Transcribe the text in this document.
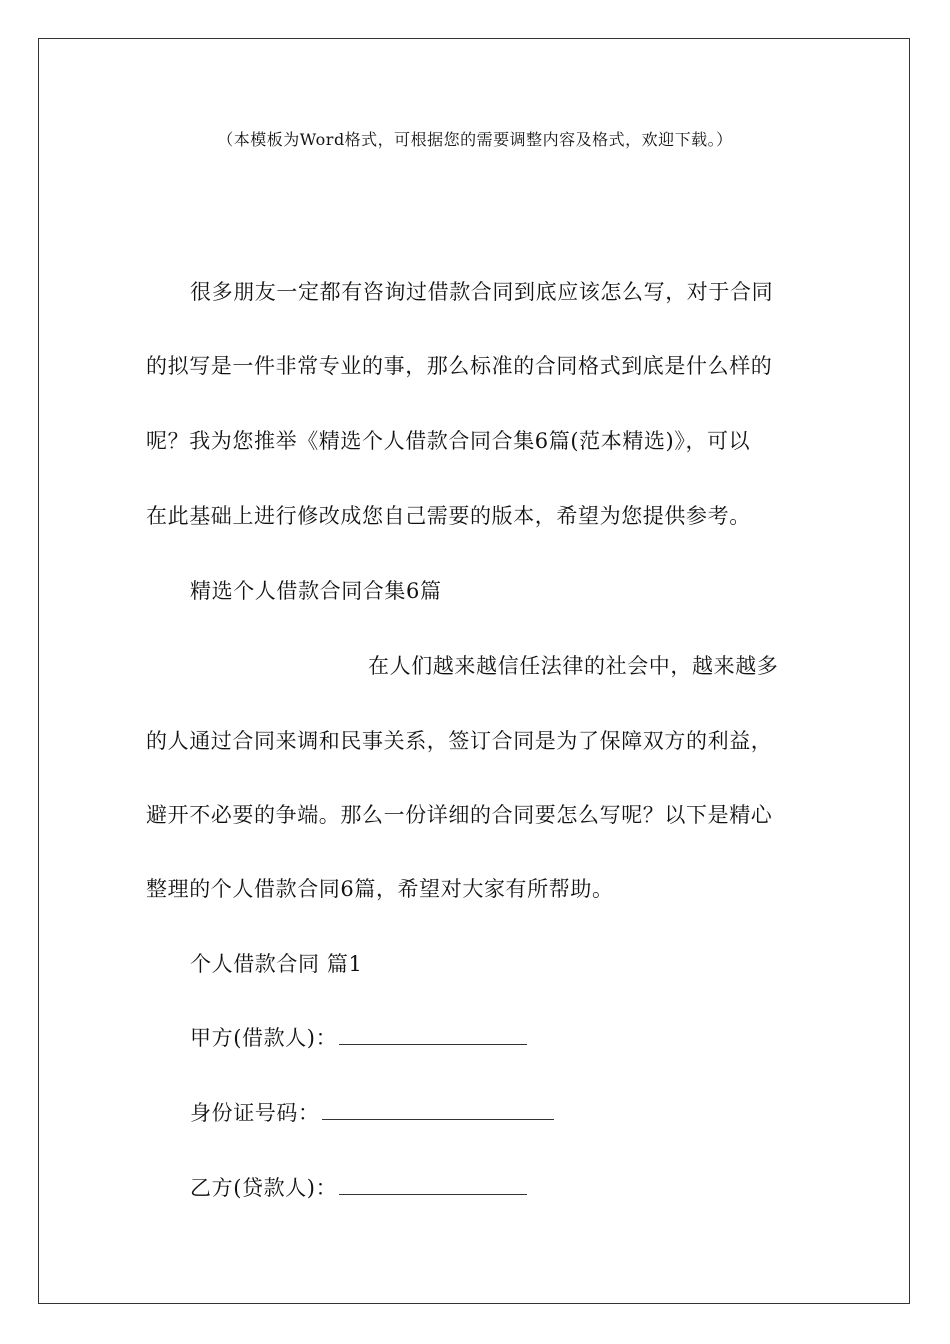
（本模板为Word格式，可根据您的需要调整内容及格式，欢迎下载。）
很多朋友一定都有咨询过借款合同到底应该怎么写，对于合同
的拟写是一件非常专业的事，那么标准的合同格式到底是什么样的
呢？我为您推举《精选个人借款合同合集6篇(范本精选)》，可以
在此基础上进行修改成您自己需要的版本，希望为您提供参考。
精选个人借款合同合集6篇
在人们越来越信任法律的社会中，越来越多
的人通过合同来调和民事关系，签订合同是为了保障双方的利益，
避开不必要的争端。那么一份详细的合同要怎么写呢？以下是精心
整理的个人借款合同6篇，希望对大家有所帮助。
个人借款合同 篇1
甲方(借款人)：
身份证号码：
乙方(贷款人)：
